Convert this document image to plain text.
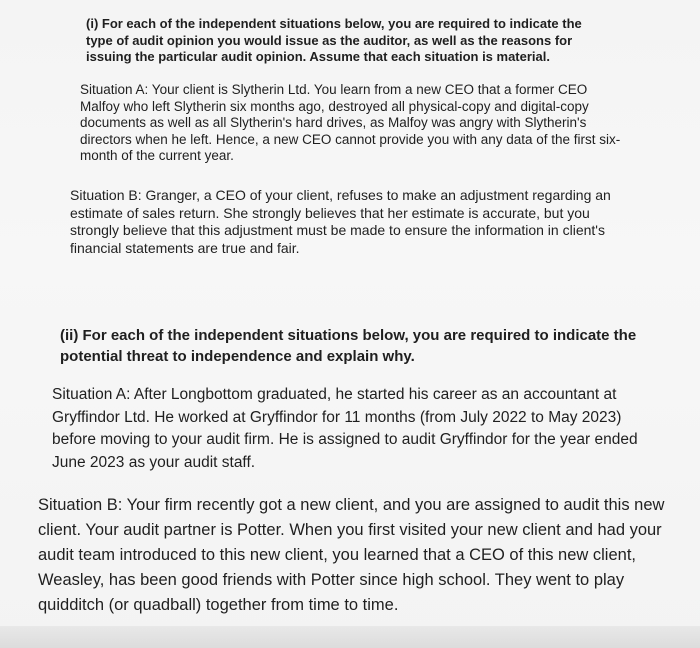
(i) For each of the independent situations below, you are required to indicate the type of audit opinion you would issue as the auditor, as well as the reasons for issuing the particular audit opinion. Assume that each situation is material.

Situation A: Your client is Slytherin Ltd. You learn from a new CEO that a former CEO Malfoy who left Slytherin six months ago, destroyed all physical-copy and digital-copy documents as well as all Slytherin's hard drives, as Malfoy was angry with Slytherin's directors when he left. Hence, a new CEO cannot provide you with any data of the first six-month of the current year.

Situation B: Granger, a CEO of your client, refuses to make an adjustment regarding an estimate of sales return. She strongly believes that her estimate is accurate, but you strongly believe that this adjustment must be made to ensure the information in client's financial statements are true and fair.

(ii) For each of the independent situations below, you are required to indicate the potential threat to independence and explain why.

Situation A: After Longbottom graduated, he started his career as an accountant at Gryffindor Ltd. He worked at Gryffindor for 11 months (from July 2022 to May 2023) before moving to your audit firm. He is assigned to audit Gryffindor for the year ended June 2023 as your audit staff.

Situation B: Your firm recently got a new client, and you are assigned to audit this new client. Your audit partner is Potter. When you first visited your new client and had your audit team introduced to this new client, you learned that a CEO of this new client, Weasley, has been good friends with Potter since high school. They went to play quidditch (or quadball) together from time to time.
